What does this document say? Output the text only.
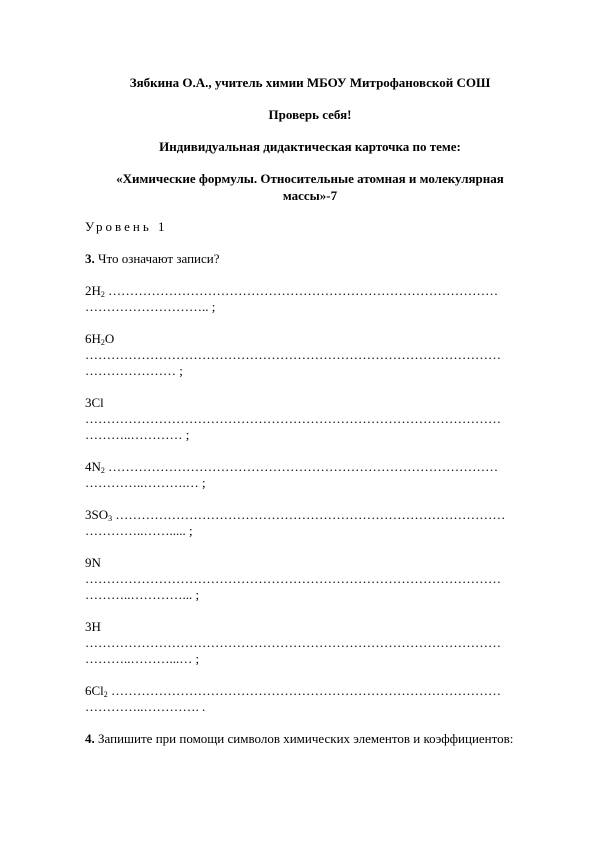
Зябкина О.А., учитель химии МБОУ Митрофановской СОШ
Проверь себя!
Индивидуальная дидактическая карточка по теме:
«Химические формулы. Относительные атомная и молекулярная
массы»-7
Уровень 1
3. Что означают записи?
$2H_2$ ………………………………………………………………………………
……………………….. ;
$6H_2O$
……………………………………………………………………………………
………………… ;
3Cl
……………………………………………………………………………………
………..………… ;
$4N_2$ ………………………………………………………………………………
…………..……….… ;
$3SO_3$ ………………………………………………………………………………
…………..……..... ;
9N
……………………………………………………………………………………
………..…………... ;
3H
……………………………………………………………………………………
………..………...… ;
$6Cl_2$ ………………………………………………………………………………
…………..…………. .
4. Запишите при помощи символов химических элементов и коэффициентов:
